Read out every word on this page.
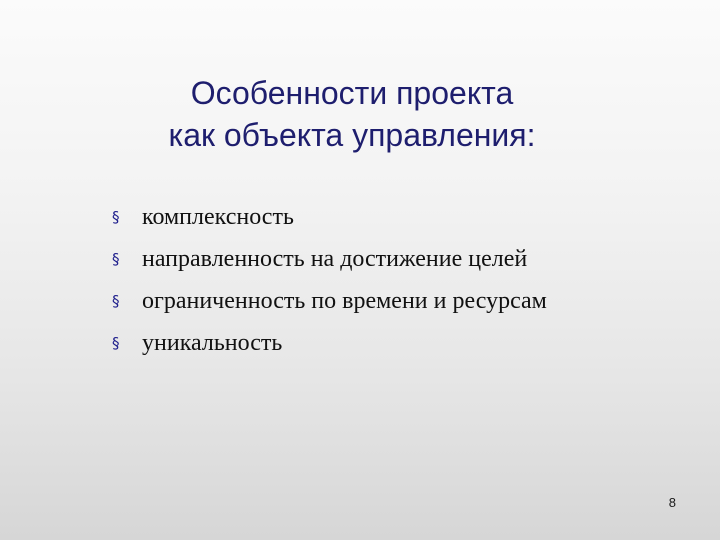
Особенности проекта
как объекта управления:
§ комплексность
§ направленность на достижение целей
§ ограниченность по времени и ресурсам
§ уникальность
8
